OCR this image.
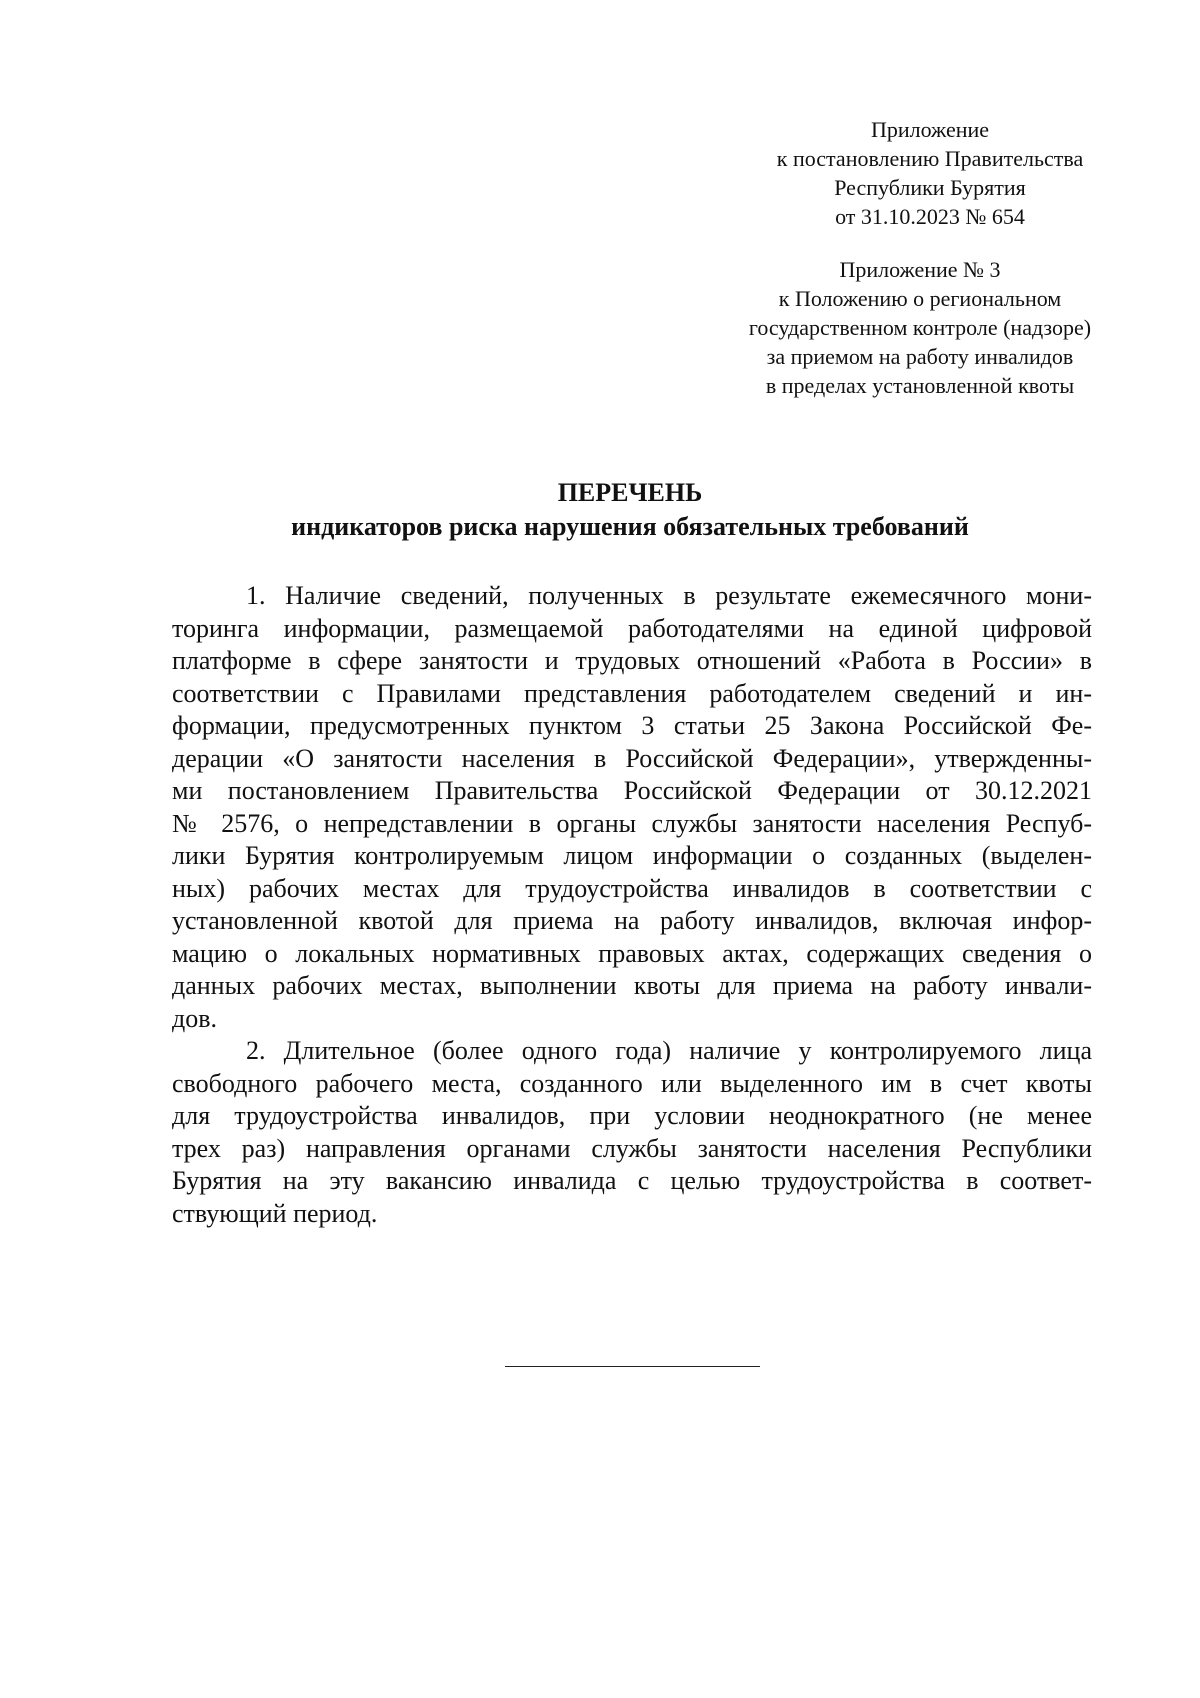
Приложение
к постановлению Правительства
Республики Бурятия
от 31.10.2023 № 654
Приложение № 3
к Положению о региональном
государственном контроле (надзоре)
за приемом на работу инвалидов
в пределах установленной квоты
ПЕРЕЧЕНЬ
индикаторов риска нарушения обязательных требований
1. Наличие сведений, полученных в результате ежемесячного мони-
торинга информации, размещаемой работодателями на единой цифровой
платформе в сфере занятости и трудовых отношений «Работа в России» в
соответствии с Правилами представления работодателем сведений и ин-
формации, предусмотренных пунктом 3 статьи 25 Закона Российской Фе-
дерации «О занятости населения в Российской Федерации», утвержденны-
ми постановлением Правительства Российской Федерации от 30.12.2021
№ 2576, о непредставлении в органы службы занятости населения Респуб-
лики Бурятия контролируемым лицом информации о созданных (выделен-
ных) рабочих местах для трудоустройства инвалидов в соответствии с
установленной квотой для приема на работу инвалидов, включая инфор-
мацию о локальных нормативных правовых актах, содержащих сведения о
данных рабочих местах, выполнении квоты для приема на работу инвали-
дов.
2. Длительное (более одного года) наличие у контролируемого лица
свободного рабочего места, созданного или выделенного им в счет квоты
для трудоустройства инвалидов, при условии неоднократного (не менее
трех раз) направления органами службы занятости населения Республики
Бурятия на эту вакансию инвалида с целью трудоустройства в соответ-
ствующий период.
